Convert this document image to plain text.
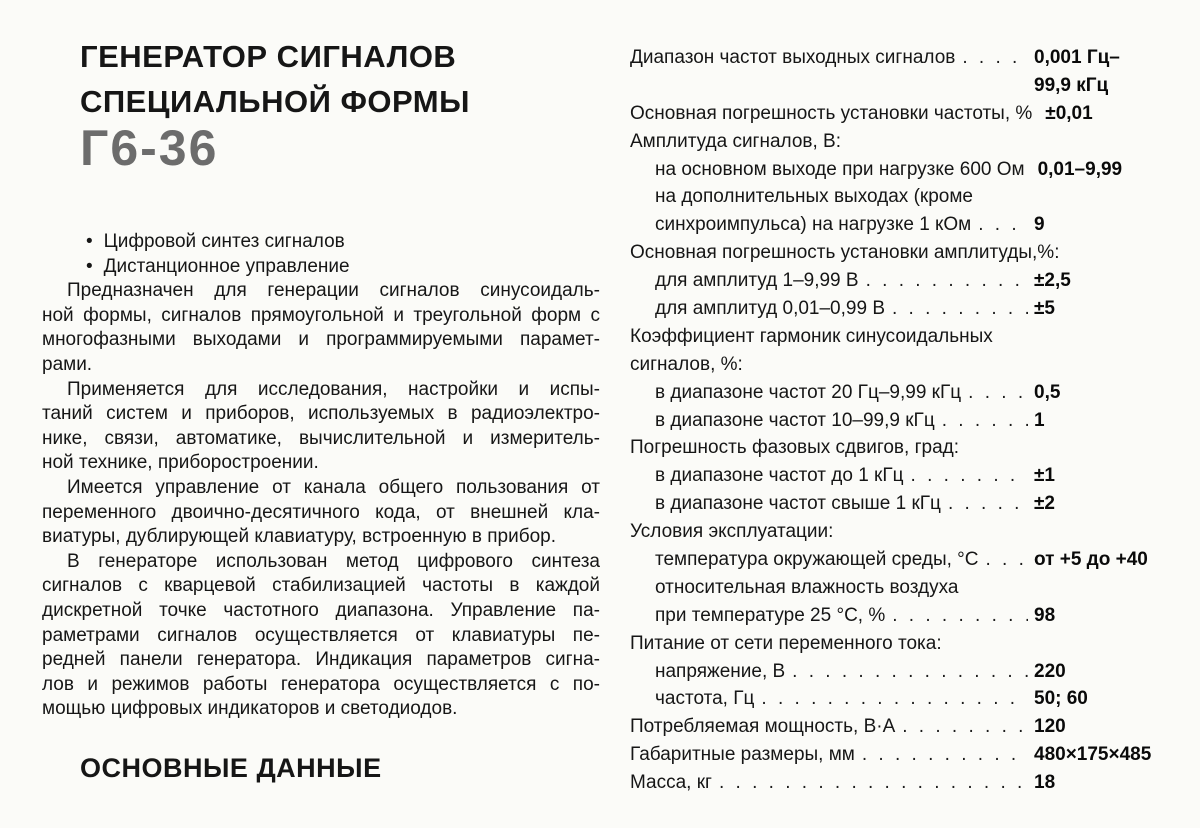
ГЕНЕРАТОР СИГНАЛОВ
СПЕЦИАЛЬНОЙ ФОРМЫ
Г6-36
• Цифровой синтез сигналов
• Дистанционное управление
Предназначен для генерации сигналов синусоидаль-
ной формы, сигналов прямоугольной и треугольной форм с
многофазными выходами и программируемыми парамет-
рами.
Применяется для исследования, настройки и испы-
таний систем и приборов, используемых в радиоэлектро-
нике, связи, автоматике, вычислительной и измеритель-
ной технике, приборостроении.
Имеется управление от канала общего пользования от
переменного двоично-десятичного кода, от внешней кла-
виатуры, дублирующей клавиатуру, встроенную в прибор.
В генераторе использован метод цифрового синтеза
сигналов с кварцевой стабилизацией частоты в каждой
дискретной точке частотного диапазона. Управление па-
раметрами сигналов осуществляется от клавиатуры пе-
редней панели генератора. Индикация параметров сигна-
лов и режимов работы генератора осуществляется с по-
мощью цифровых индикаторов и светодиодов.
ОСНОВНЫЕ ДАННЫЕ
Диапазон частот выходных сигналов . . .	0,001 Гц–
99,9 кГц
Основная погрешность установки частоты, % ±0,01
Амплитуда сигналов, В:
на основном выходе при нагрузке 600 Ом 0,01–9,99
на дополнительных выходах (кроме
синхроимпульса) на нагрузке 1 кОм . . .	9
Основная погрешность установки амплитуды, %:
для амплитуд 1–9,99 В . . .	±2,5
для амплитуд 0,01–0,99 В . . .	±5
Коэффициент гармоник синусоидальных
сигналов, %:
в диапазоне частот 20 Гц–9,99 кГц . . .	0,5
в диапазоне частот 10–99,9 кГц . . .	1
Погрешность фазовых сдвигов, град:
в диапазоне частот до 1 кГц . . .	±1
в диапазоне частот свыше 1 кГц . . .	±2
Условия эксплуатации:
температура окружающей среды, °С . . .	от +5 до +40
относительная влажность воздуха
при температуре 25 °С, % . . .	98
Питание от сети переменного тока:
напряжение, В . . .	220
частота, Гц . . .	50; 60
Потребляемая мощность, В·А . . .	120
Габаритные размеры, мм . . .	480×175×485
Масса, кг . . .	18
